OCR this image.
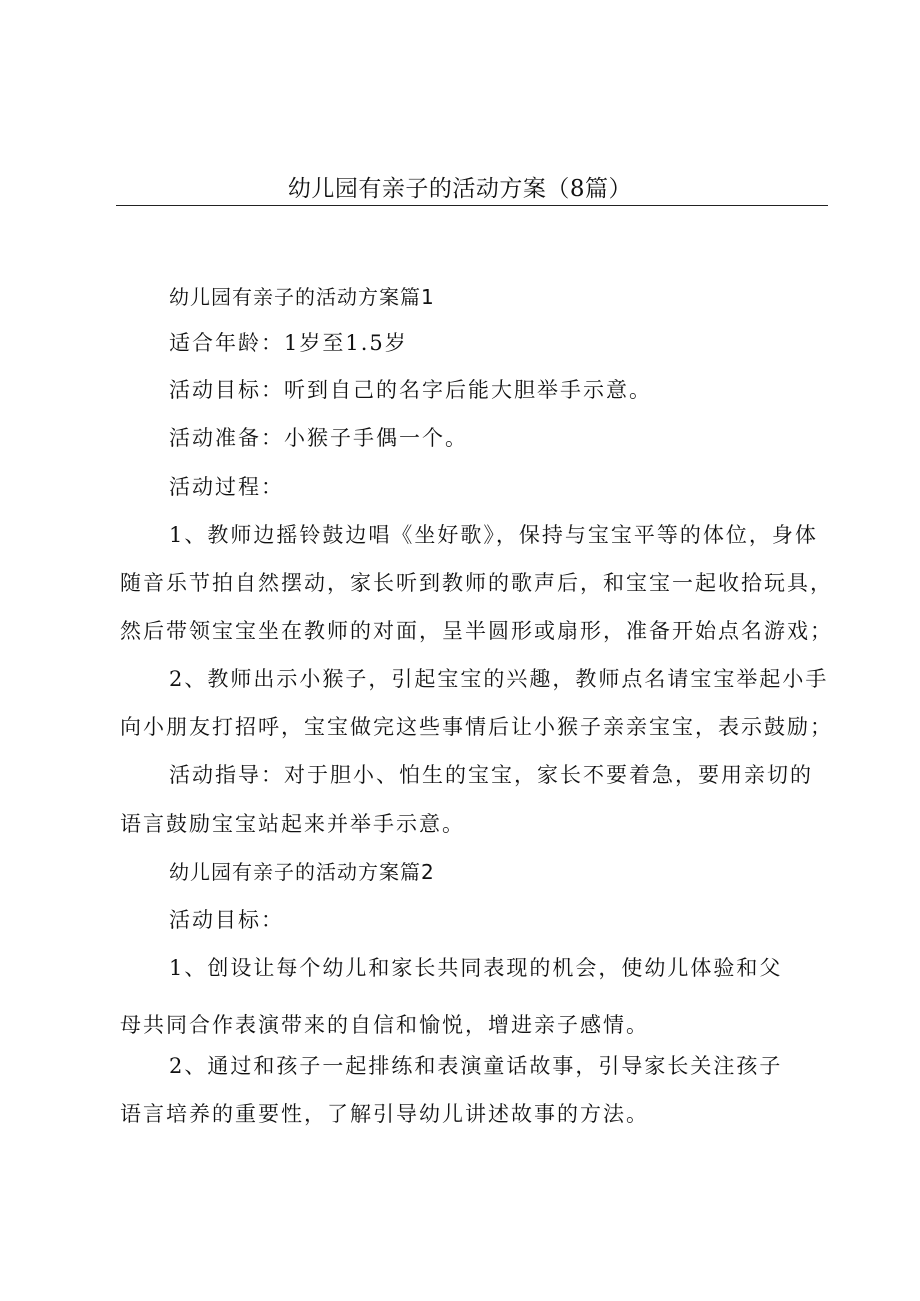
幼儿园有亲子的活动方案（8篇）
幼儿园有亲子的活动方案篇1
适合年龄：1岁至1.5岁
活动目标：听到自己的名字后能大胆举手示意。
活动准备：小猴子手偶一个。
活动过程：
1、教师边摇铃鼓边唱《坐好歌》，保持与宝宝平等的体位，身体
随音乐节拍自然摆动，家长听到教师的歌声后，和宝宝一起收拾玩具，
然后带领宝宝坐在教师的对面，呈半圆形或扇形，准备开始点名游戏；
2、教师出示小猴子，引起宝宝的兴趣，教师点名请宝宝举起小手
向小朋友打招呼，宝宝做完这些事情后让小猴子亲亲宝宝，表示鼓励；
活动指导：对于胆小、怕生的宝宝，家长不要着急，要用亲切的
语言鼓励宝宝站起来并举手示意。
幼儿园有亲子的活动方案篇2
活动目标：
1、创设让每个幼儿和家长共同表现的机会，使幼儿体验和父
母共同合作表演带来的自信和愉悦，增进亲子感情。
2、通过和孩子一起排练和表演童话故事，引导家长关注孩子
语言培养的重要性，了解引导幼儿讲述故事的方法。
